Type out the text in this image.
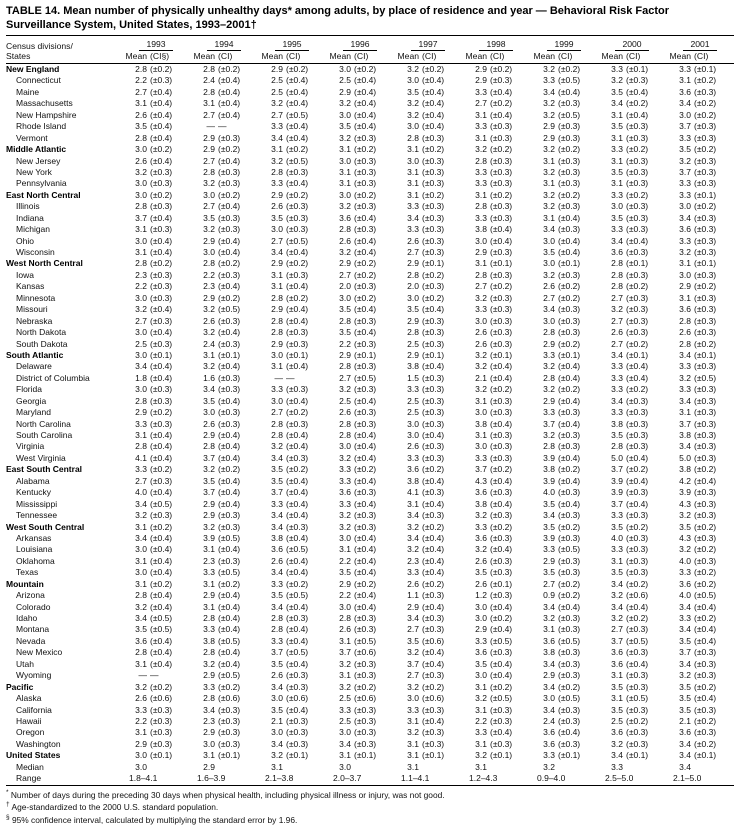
TABLE 14. Mean number of physically unhealthy days* among adults, by place of residence and year — Behavioral Risk Factor Surveillance System, United States, 1993–2001†
Census divisions/	1993	1994	1995	1996	1997	1998	1999	2000	2001
States	Mean (CI§)	Mean (CI)	Mean (CI)	Mean (CI)	Mean (CI)	Mean (CI)	Mean (CI)	Mean (CI)	Mean (CI)
New England	2.8 (±0.2)	2.8 (±0.2)	2.9 (±0.2)	3.0 (±0.2)	3.2 (±0.2)	2.9 (±0.2)	3.2 (±0.2)	3.3 (±0.1)	3.3 (±0.1)
Connecticut	2.2 (±0.3)	2.4 (±0.4)	2.5 (±0.4)	2.5 (±0.4)	3.0 (±0.4)	2.9 (±0.3)	3.3 (±0.5)	3.2 (±0.3)	3.1 (±0.2)
Maine	2.7 (±0.4)	2.8 (±0.4)	2.5 (±0.4)	2.9 (±0.4)	3.5 (±0.4)	3.3 (±0.4)	3.4 (±0.4)	3.5 (±0.4)	3.6 (±0.3)
Massachusetts	3.1 (±0.4)	3.1 (±0.4)	3.2 (±0.4)	3.2 (±0.4)	3.2 (±0.4)	2.7 (±0.2)	3.2 (±0.3)	3.4 (±0.2)	3.4 (±0.2)
New Hampshire	2.6 (±0.4)	2.7 (±0.4)	2.7 (±0.5)	3.0 (±0.4)	3.2 (±0.4)	3.1 (±0.4)	3.2 (±0.5)	3.1 (±0.4)	3.0 (±0.2)
Rhode Island	3.5 (±0.4)	— —	3.3 (±0.4)	3.5 (±0.4)	3.0 (±0.4)	3.3 (±0.3)	2.9 (±0.3)	3.5 (±0.3)	3.7 (±0.3)
Vermont	2.8 (±0.4)	2.9 (±0.3)	3.4 (±0.4)	3.2 (±0.3)	2.8 (±0.3)	3.1 (±0.3)	2.9 (±0.3)	3.1 (±0.3)	3.3 (±0.3)
Middle Atlantic	3.0 (±0.2)	2.9 (±0.2)	3.1 (±0.2)	3.1 (±0.2)	3.1 (±0.2)	3.2 (±0.2)	3.2 (±0.2)	3.3 (±0.2)	3.5 (±0.2)
New Jersey	2.6 (±0.4)	2.7 (±0.4)	3.2 (±0.5)	3.0 (±0.3)	3.0 (±0.3)	2.8 (±0.3)	3.1 (±0.3)	3.1 (±0.3)	3.2 (±0.3)
New York	3.2 (±0.3)	2.8 (±0.3)	2.8 (±0.3)	3.1 (±0.3)	3.1 (±0.3)	3.3 (±0.3)	3.2 (±0.3)	3.5 (±0.3)	3.7 (±0.3)
Pennsylvania	3.0 (±0.3)	3.2 (±0.3)	3.3 (±0.4)	3.1 (±0.3)	3.1 (±0.3)	3.3 (±0.3)	3.1 (±0.3)	3.1 (±0.3)	3.3 (±0.3)
East North Central	3.0 (±0.2)	3.0 (±0.2)	2.9 (±0.2)	3.0 (±0.2)	3.1 (±0.2)	3.1 (±0.2)	3.2 (±0.2)	3.3 (±0.2)	3.3 (±0.1)
Illinois	2.8 (±0.3)	2.7 (±0.4)	2.6 (±0.3)	3.2 (±0.3)	3.3 (±0.3)	2.8 (±0.3)	3.2 (±0.3)	3.0 (±0.3)	3.0 (±0.2)
Indiana	3.7 (±0.4)	3.5 (±0.3)	3.5 (±0.3)	3.6 (±0.4)	3.4 (±0.3)	3.3 (±0.3)	3.1 (±0.4)	3.5 (±0.3)	3.4 (±0.3)
Michigan	3.1 (±0.3)	3.2 (±0.3)	3.0 (±0.3)	2.8 (±0.3)	3.3 (±0.3)	3.8 (±0.4)	3.4 (±0.3)	3.3 (±0.3)	3.6 (±0.3)
Ohio	3.0 (±0.4)	2.9 (±0.4)	2.7 (±0.5)	2.6 (±0.4)	2.6 (±0.3)	3.0 (±0.4)	3.0 (±0.4)	3.4 (±0.4)	3.3 (±0.3)
Wisconsin	3.1 (±0.4)	3.0 (±0.4)	3.4 (±0.4)	3.2 (±0.4)	2.7 (±0.3)	2.9 (±0.3)	3.5 (±0.4)	3.6 (±0.3)	3.2 (±0.3)
West North Central	2.8 (±0.2)	2.8 (±0.2)	2.9 (±0.2)	2.9 (±0.2)	2.9 (±0.1)	3.1 (±0.1)	3.0 (±0.1)	2.8 (±0.1)	3.1 (±0.1)
Iowa	2.3 (±0.3)	2.2 (±0.3)	3.1 (±0.3)	2.7 (±0.2)	2.8 (±0.2)	2.8 (±0.3)	3.2 (±0.3)	2.8 (±0.3)	3.0 (±0.3)
Kansas	2.2 (±0.3)	2.3 (±0.4)	3.1 (±0.4)	2.0 (±0.3)	2.0 (±0.3)	2.7 (±0.2)	2.6 (±0.2)	2.8 (±0.2)	2.9 (±0.2)
Minnesota	3.0 (±0.3)	2.9 (±0.2)	2.8 (±0.2)	3.0 (±0.2)	3.0 (±0.2)	3.2 (±0.3)	2.7 (±0.2)	2.7 (±0.3)	3.1 (±0.3)
Missouri	3.2 (±0.4)	3.2 (±0.5)	2.9 (±0.4)	3.5 (±0.4)	3.5 (±0.4)	3.3 (±0.3)	3.4 (±0.3)	3.2 (±0.3)	3.6 (±0.3)
Nebraska	2.7 (±0.3)	2.6 (±0.3)	2.8 (±0.4)	2.8 (±0.3)	2.9 (±0.3)	3.0 (±0.3)	3.0 (±0.3)	2.7 (±0.3)	2.8 (±0.3)
North Dakota	3.0 (±0.4)	3.2 (±0.4)	2.8 (±0.3)	3.5 (±0.4)	2.8 (±0.3)	2.6 (±0.3)	2.8 (±0.3)	2.6 (±0.3)	2.6 (±0.3)
South Dakota	2.5 (±0.3)	2.4 (±0.3)	2.9 (±0.3)	2.2 (±0.3)	2.5 (±0.3)	2.6 (±0.3)	2.9 (±0.2)	2.7 (±0.2)	2.8 (±0.2)
South Atlantic	3.0 (±0.1)	3.1 (±0.1)	3.0 (±0.1)	2.9 (±0.1)	2.9 (±0.1)	3.2 (±0.1)	3.3 (±0.1)	3.4 (±0.1)	3.4 (±0.1)
Delaware	3.4 (±0.4)	3.2 (±0.4)	3.1 (±0.4)	2.8 (±0.3)	3.8 (±0.4)	3.2 (±0.4)	3.2 (±0.4)	3.3 (±0.4)	3.3 (±0.3)
District of Columbia	1.8 (±0.4)	1.6 (±0.3)	— —	2.7 (±0.5)	1.5 (±0.3)	2.1 (±0.4)	2.8 (±0.4)	3.3 (±0.4)	3.2 (±0.5)
Florida	3.0 (±0.3)	3.4 (±0.3)	3.3 (±0.3)	3.2 (±0.3)	3.3 (±0.3)	3.2 (±0.2)	3.2 (±0.2)	3.3 (±0.2)	3.3 (±0.3)
Georgia	2.8 (±0.3)	3.5 (±0.4)	3.0 (±0.4)	2.5 (±0.4)	2.5 (±0.3)	3.1 (±0.3)	2.9 (±0.4)	3.4 (±0.3)	3.4 (±0.3)
Maryland	2.9 (±0.2)	3.0 (±0.3)	2.7 (±0.2)	2.6 (±0.3)	2.5 (±0.3)	3.0 (±0.3)	3.3 (±0.3)	3.3 (±0.3)	3.1 (±0.3)
North Carolina	3.3 (±0.3)	2.6 (±0.3)	2.8 (±0.3)	2.8 (±0.3)	3.0 (±0.3)	3.8 (±0.4)	3.7 (±0.4)	3.8 (±0.3)	3.7 (±0.3)
South Carolina	3.1 (±0.4)	2.9 (±0.4)	2.8 (±0.4)	2.8 (±0.4)	3.0 (±0.4)	3.1 (±0.3)	3.2 (±0.3)	3.5 (±0.3)	3.8 (±0.3)
Virginia	2.8 (±0.4)	2.8 (±0.4)	3.2 (±0.4)	3.0 (±0.4)	2.6 (±0.3)	3.0 (±0.3)	2.8 (±0.3)	2.8 (±0.3)	3.4 (±0.3)
West Virginia	4.1 (±0.4)	3.7 (±0.4)	3.4 (±0.3)	3.2 (±0.4)	3.3 (±0.3)	3.3 (±0.3)	3.9 (±0.4)	5.0 (±0.4)	5.0 (±0.3)
East South Central	3.3 (±0.2)	3.2 (±0.2)	3.5 (±0.2)	3.3 (±0.2)	3.6 (±0.2)	3.7 (±0.2)	3.8 (±0.2)	3.7 (±0.2)	3.8 (±0.2)
Alabama	2.7 (±0.3)	3.5 (±0.4)	3.5 (±0.4)	3.3 (±0.4)	3.8 (±0.4)	4.3 (±0.4)	3.9 (±0.4)	3.9 (±0.4)	4.2 (±0.4)
Kentucky	4.0 (±0.4)	3.7 (±0.4)	3.7 (±0.4)	3.6 (±0.3)	4.1 (±0.3)	3.6 (±0.3)	4.0 (±0.3)	3.9 (±0.3)	3.9 (±0.3)
Mississippi	3.4 (±0.5)	2.9 (±0.4)	3.3 (±0.4)	3.3 (±0.4)	3.1 (±0.4)	3.8 (±0.4)	3.5 (±0.4)	3.7 (±0.4)	4.3 (±0.3)
Tennessee	3.2 (±0.3)	2.9 (±0.3)	3.4 (±0.4)	3.2 (±0.3)	3.4 (±0.3)	3.2 (±0.3)	3.4 (±0.3)	3.3 (±0.3)	3.2 (±0.3)
West South Central	3.1 (±0.2)	3.2 (±0.3)	3.4 (±0.3)	3.2 (±0.3)	3.2 (±0.2)	3.3 (±0.2)	3.5 (±0.2)	3.5 (±0.2)	3.5 (±0.2)
Arkansas	3.4 (±0.4)	3.9 (±0.5)	3.8 (±0.4)	3.0 (±0.4)	3.4 (±0.4)	3.6 (±0.3)	3.9 (±0.3)	4.0 (±0.3)	4.3 (±0.3)
Louisiana	3.0 (±0.4)	3.1 (±0.4)	3.6 (±0.5)	3.1 (±0.4)	3.2 (±0.4)	3.2 (±0.4)	3.3 (±0.5)	3.3 (±0.3)	3.2 (±0.2)
Oklahoma	3.1 (±0.4)	2.3 (±0.3)	2.6 (±0.4)	2.2 (±0.4)	2.3 (±0.4)	2.6 (±0.3)	2.9 (±0.3)	3.1 (±0.3)	4.0 (±0.3)
Texas	3.0 (±0.4)	3.3 (±0.5)	3.4 (±0.4)	3.5 (±0.4)	3.3 (±0.4)	3.5 (±0.3)	3.5 (±0.3)	3.5 (±0.3)	3.3 (±0.2)
Mountain	3.1 (±0.2)	3.1 (±0.2)	3.3 (±0.2)	2.9 (±0.2)	2.6 (±0.2)	2.6 (±0.1)	2.7 (±0.2)	3.4 (±0.2)	3.6 (±0.2)
Arizona	2.8 (±0.4)	2.9 (±0.4)	3.5 (±0.5)	2.2 (±0.4)	1.1 (±0.3)	1.2 (±0.3)	0.9 (±0.2)	3.2 (±0.6)	4.0 (±0.5)
Colorado	3.2 (±0.4)	3.1 (±0.4)	3.4 (±0.4)	3.0 (±0.4)	2.9 (±0.4)	3.0 (±0.4)	3.4 (±0.4)	3.4 (±0.4)	3.4 (±0.4)
Idaho	3.4 (±0.5)	2.8 (±0.4)	2.8 (±0.3)	2.8 (±0.3)	3.4 (±0.3)	3.0 (±0.2)	3.2 (±0.3)	3.2 (±0.2)	3.3 (±0.2)
Montana	3.5 (±0.5)	3.3 (±0.4)	2.8 (±0.4)	2.6 (±0.3)	2.7 (±0.3)	2.9 (±0.4)	3.1 (±0.3)	2.7 (±0.3)	3.4 (±0.4)
Nevada	3.6 (±0.4)	3.8 (±0.5)	3.3 (±0.4)	3.1 (±0.5)	3.5 (±0.6)	3.3 (±0.5)	3.6 (±0.5)	3.7 (±0.5)	3.5 (±0.4)
New Mexico	2.8 (±0.4)	2.8 (±0.4)	3.7 (±0.5)	3.7 (±0.6)	3.2 (±0.4)	3.6 (±0.3)	3.8 (±0.3)	3.6 (±0.3)	3.7 (±0.3)
Utah	3.1 (±0.4)	3.2 (±0.4)	3.5 (±0.4)	3.2 (±0.3)	3.7 (±0.4)	3.5 (±0.4)	3.4 (±0.3)	3.6 (±0.4)	3.4 (±0.3)
Wyoming	— —	2.9 (±0.5)	2.6 (±0.3)	3.1 (±0.3)	2.7 (±0.3)	3.0 (±0.4)	2.9 (±0.3)	3.1 (±0.3)	3.2 (±0.3)
Pacific	3.2 (±0.2)	3.3 (±0.2)	3.4 (±0.3)	3.2 (±0.2)	3.2 (±0.2)	3.1 (±0.2)	3.4 (±0.2)	3.5 (±0.3)	3.5 (±0.2)
Alaska	2.6 (±0.6)	2.8 (±0.6)	3.0 (±0.6)	2.5 (±0.6)	3.0 (±0.6)	3.2 (±0.5)	3.0 (±0.5)	3.1 (±0.5)	3.5 (±0.4)
California	3.3 (±0.3)	3.4 (±0.3)	3.5 (±0.4)	3.3 (±0.3)	3.3 (±0.3)	3.1 (±0.3)	3.4 (±0.3)	3.5 (±0.3)	3.5 (±0.3)
Hawaii	2.2 (±0.3)	2.3 (±0.3)	2.1 (±0.3)	2.5 (±0.3)	3.1 (±0.4)	2.2 (±0.3)	2.4 (±0.3)	2.5 (±0.2)	2.1 (±0.2)
Oregon	3.1 (±0.3)	2.9 (±0.3)	3.0 (±0.3)	3.0 (±0.3)	3.2 (±0.3)	3.3 (±0.4)	3.6 (±0.4)	3.6 (±0.3)	3.6 (±0.3)
Washington	2.9 (±0.3)	3.0 (±0.3)	3.4 (±0.3)	3.4 (±0.3)	3.1 (±0.3)	3.1 (±0.3)	3.6 (±0.3)	3.2 (±0.3)	3.4 (±0.2)
United States	3.0 (±0.1)	3.1 (±0.1)	3.2 (±0.1)	3.1 (±0.1)	3.1 (±0.1)	3.2 (±0.1)	3.3 (±0.1)	3.4 (±0.1)	3.4 (±0.1)
Median	3.0	2.9	3.1	3.0	3.1	3.1	3.2	3.3	3.4
Range	1.8–4.1	1.6–3.9	2.1–3.8	2.0–3.7	1.1–4.1	1.2–4.3	0.9–4.0	2.5–5.0	2.1–5.0
* Number of days during the preceding 30 days when physical health, including physical illness or injury, was not good.
† Age-standardized to the 2000 U.S. standard population.
§ 95% confidence interval, calculated by multiplying the standard error by 1.96.
